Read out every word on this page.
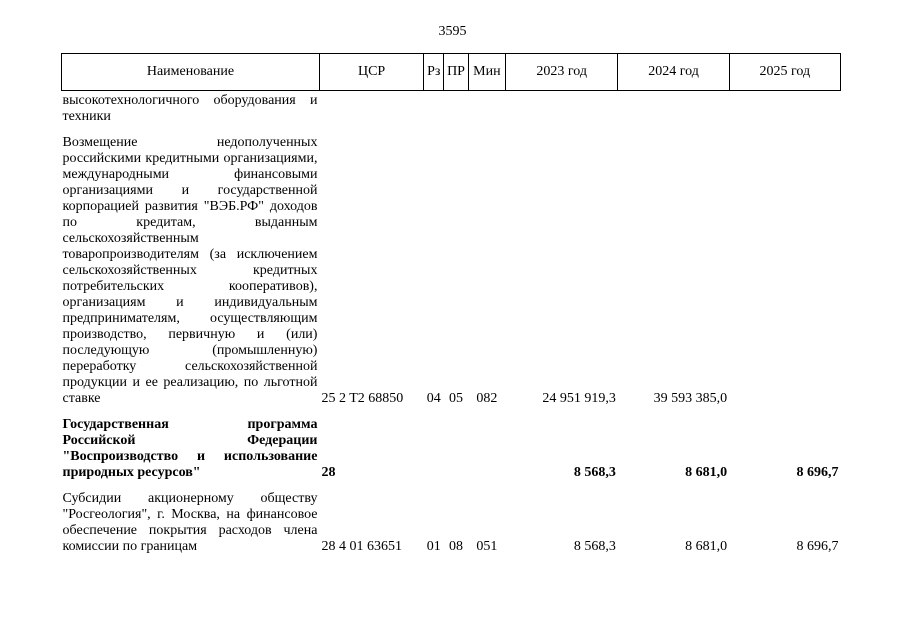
3595
Наименование	ЦСР	Рз	ПР	Мин	2023 год	2024 год	2025 год
высокотехнологичного оборудования и техники							

Возмещение недополученных российскими кредитными организациями, международными финансовыми организациями и государственной корпорацией развития "ВЭБ.РФ" доходов по кредитам, выданным сельскохозяйственным товаропроизводителям (за исключением сельскохозяйственных кредитных потребительских кооперативов), организациям и индивидуальным предпринимателям, осуществляющим производство, первичную и (или) последующую (промышленную) переработку сельскохозяйственной продукции и ее реализацию, по льготной ставке	25 2 T2 68850	04	05	082	24 951 919,3	39 593 385,0	

Государственная программа Российской Федерации "Воспроизводство и использование природных ресурсов"	28				8 568,3	8 681,0	8 696,7

Субсидии акционерному обществу "Росгеология", г. Москва, на финансовое обеспечение покрытия расходов члена комиссии по границам	28 4 01 63651	01	08	051	8 568,3	8 681,0	8 696,7
